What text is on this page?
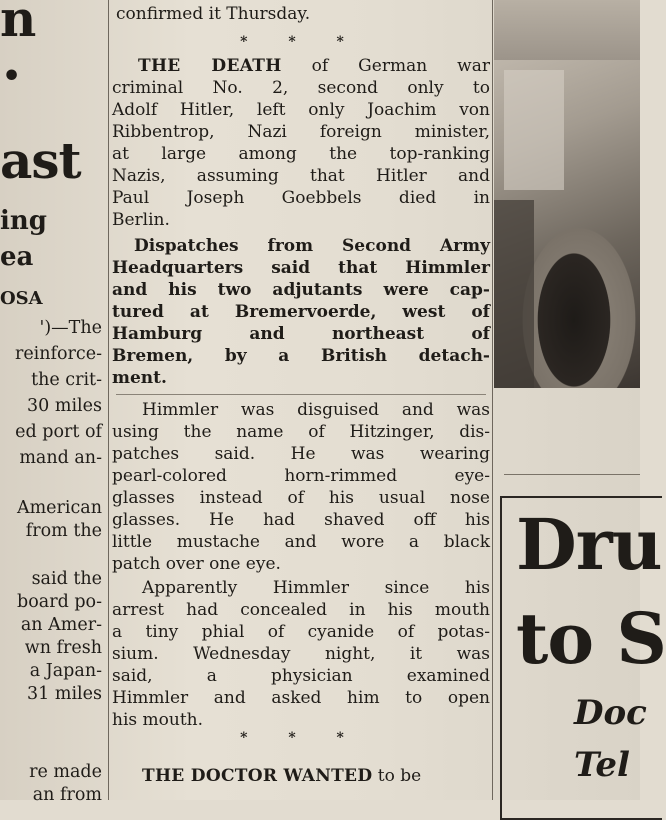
n
•
ast
ing
ea
OSA
')—The
reinforce-
the crit-
30 miles
ed port of
mand an-
American
from the
said the
board po-
an Amer-
wn fresh
a Japan-
31 miles
re made
an from
confirmed it Thursday.
* * *
THE DEATH of German war
criminal No. 2, second only to
Adolf Hitler, left only Joachim von
Ribbentrop, Nazi foreign minister,
at large among the top-ranking
Nazis, assuming that Hitler and
Paul Joseph Goebbels died in
Berlin.
Dispatches from Second Army
Headquarters said that Himmler
and his two adjutants were cap-
tured at Bremervoerde, west of
Hamburg and northeast of
Bremen, by a British detach-
ment.
Himmler was disguised and was
using the name of Hitzinger, dis-
patches said. He was wearing
pearl-colored horn-rimmed eye-
glasses instead of his usual nose
glasses. He had shaved off his
little mustache and wore a black
patch over one eye.
Apparently Himmler since his
arrest had concealed in his mouth
a tiny phial of cyanide of potas-
sium. Wednesday night, it was
said, a physician examined
Himmler and asked him to open
his mouth.
* * *
THE DOCTOR WANTED to be
Dru
to S
Doc
Tel
